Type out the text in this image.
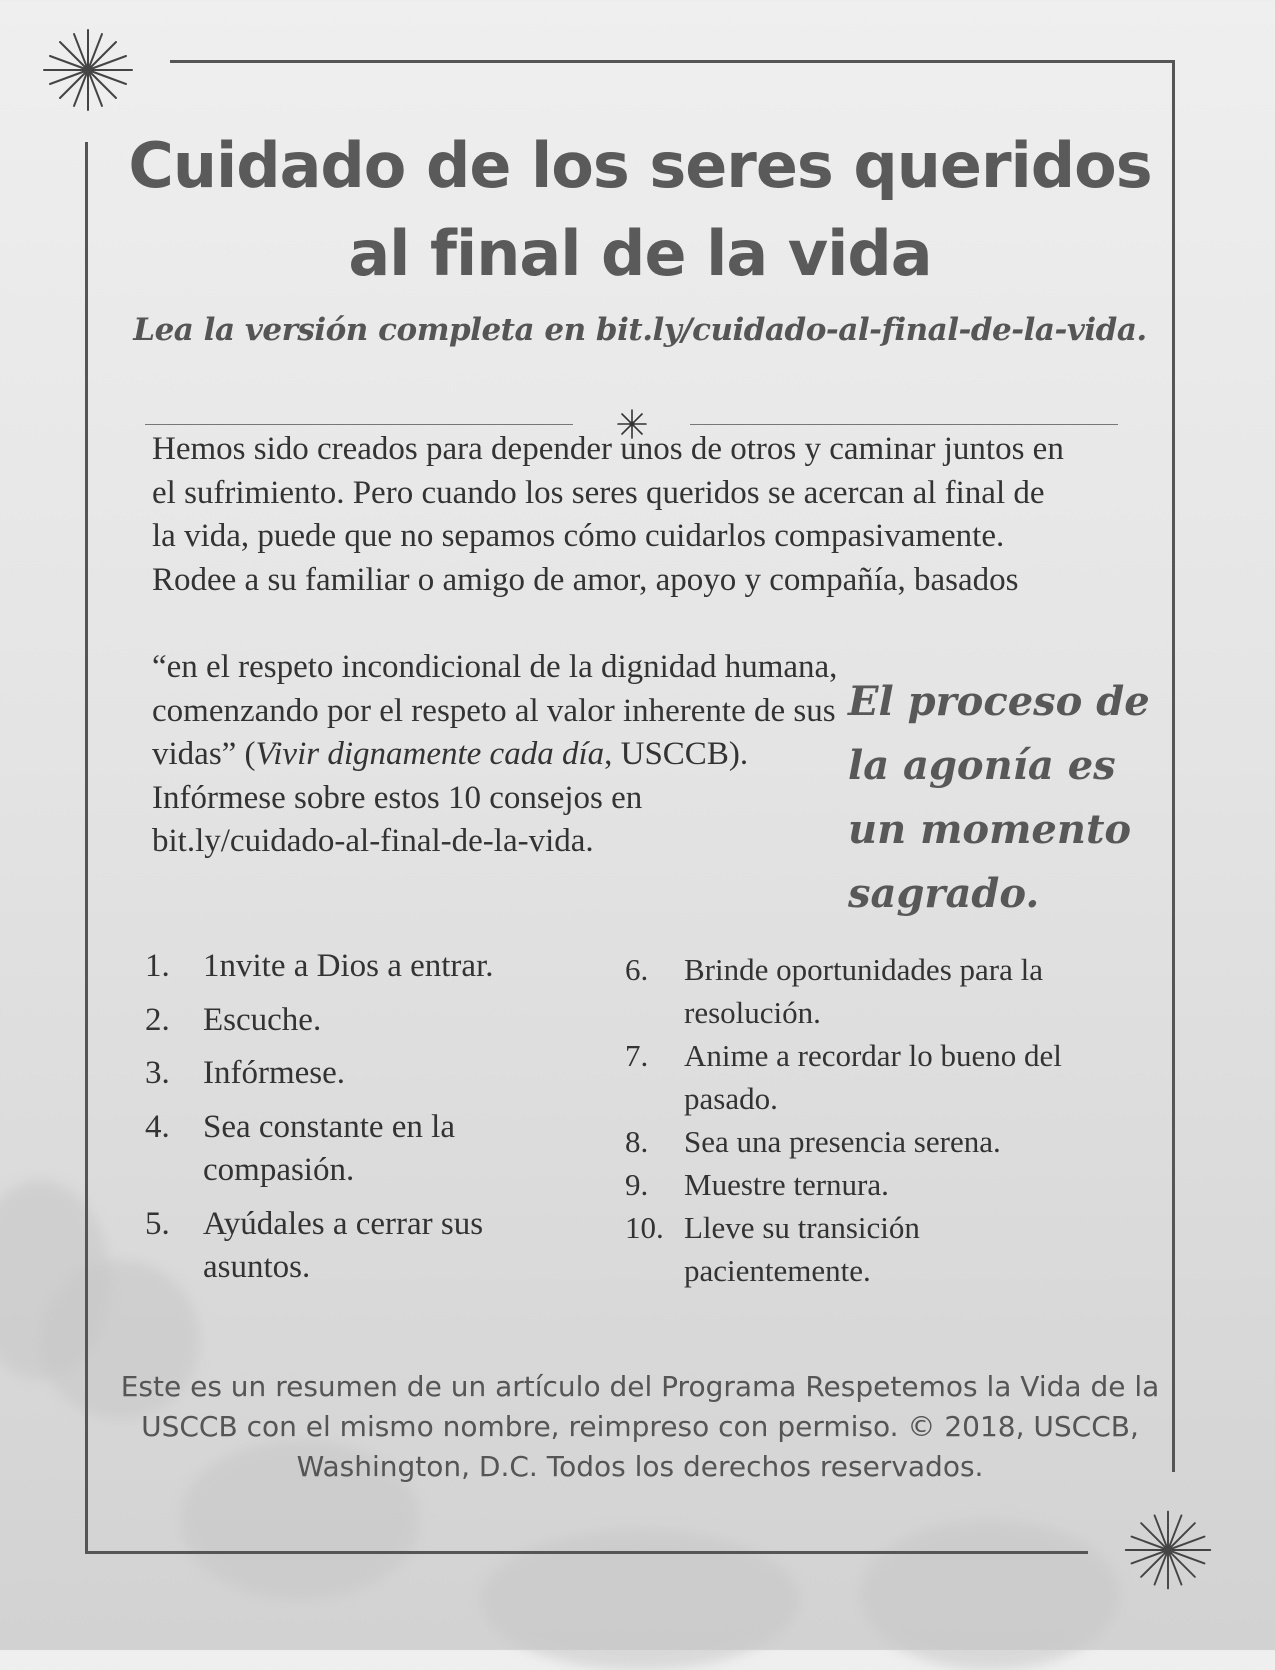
Cuidado de los seres queridos al final de la vida
Lea la versión completa en bit.ly/cuidado-al-final-de-la-vida.

Hemos sido creados para depender unos de otros y caminar juntos en el sufrimiento. Pero cuando los seres queridos se acercan al final de la vida, puede que no sepamos cómo cuidarlos compasivamente. Rodee a su familiar o amigo de amor, apoyo y compañía, basados

“en el respeto incondicional de la dignidad humana, comenzando por el respeto al valor inherente de sus vidas” (Vivir dignamente cada día, USCCB).
Infórmese sobre estos 10 consejos en bit.ly/cuidado-al-final-de-la-vida.

El proceso de la agonía es un momento sagrado.

1.	1nvite a Dios a entrar.
2.	Escuche.
3.	Infórmese.
4.	Sea constante en la compasión.
5.	Ayúdales a cerrar sus asuntos.
6.	Brinde oportunidades para la resolución.
7.	Anime a recordar lo bueno del pasado.
8.	Sea una presencia serena.
9.	Muestre ternura.
10. Lleve su transición pacientemente.

Este es un resumen de un artículo del Programa Respetemos la Vida de la USCCB con el mismo nombre, reimpreso con permiso. © 2018, USCCB, Washington, D.C. Todos los derechos reservados.
